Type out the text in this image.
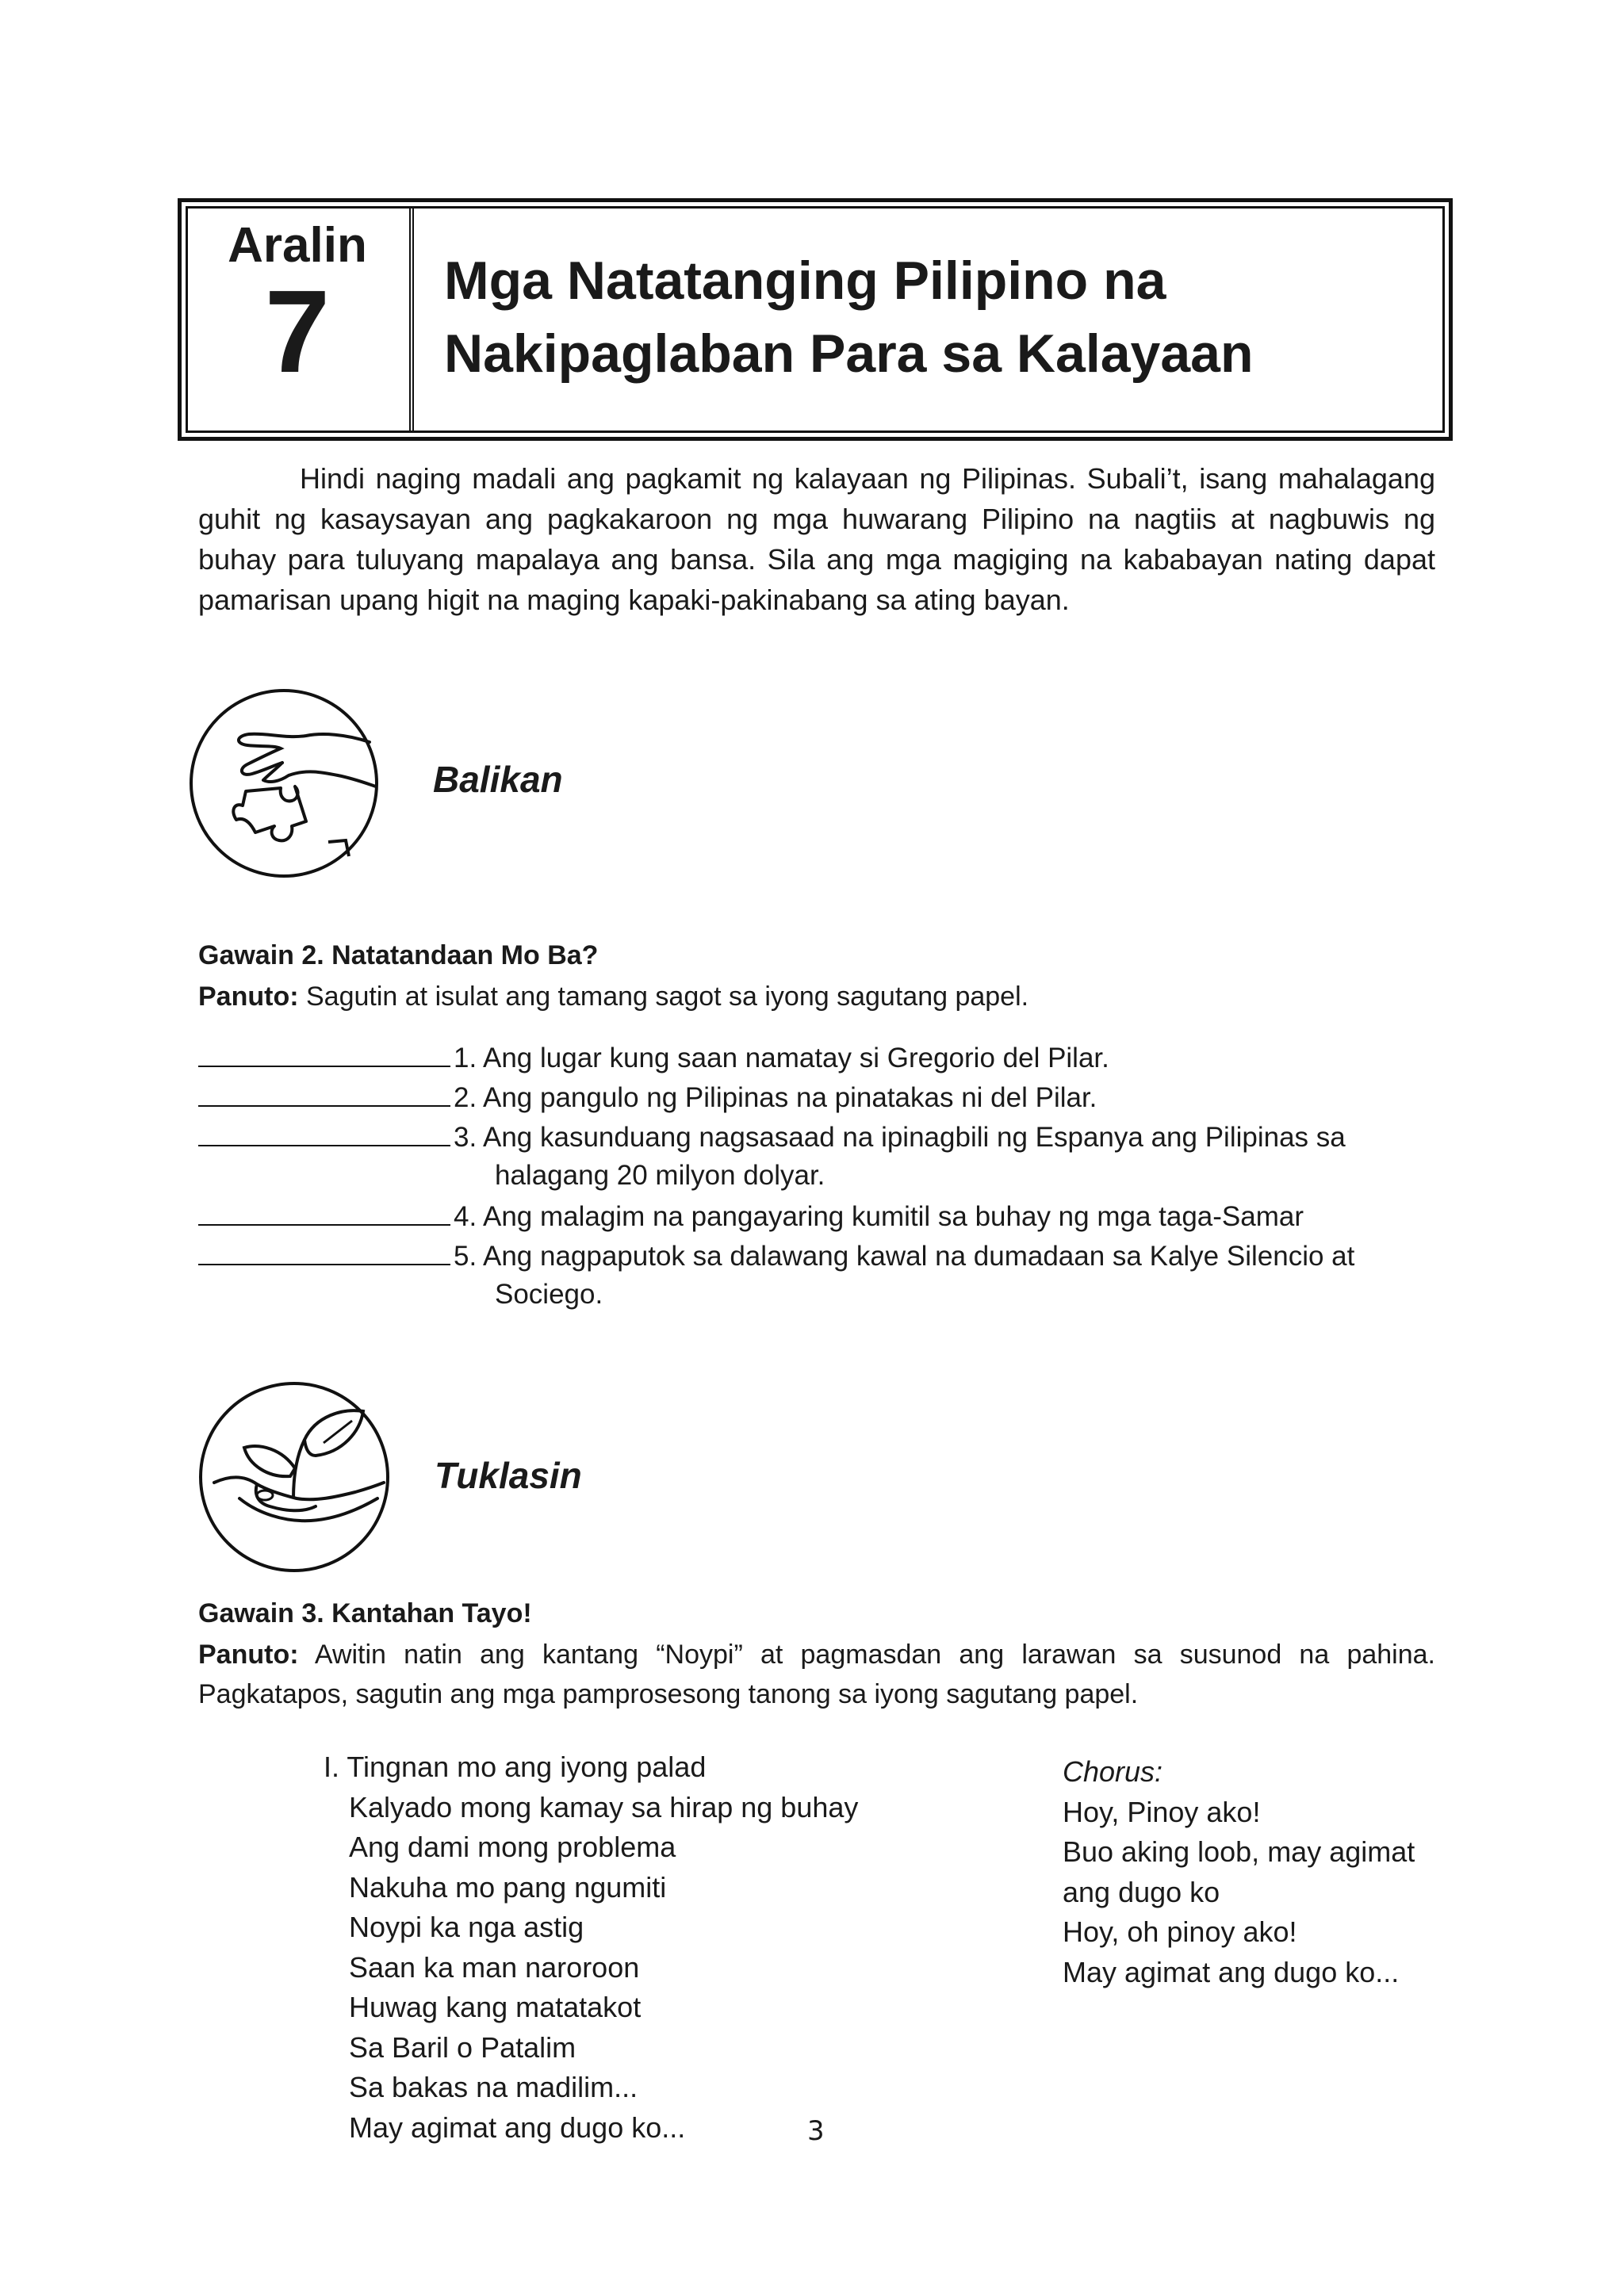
Aralin
7	Mga Natatanging Pilipino na
Nakipaglaban Para sa Kalayaan
Hindi naging madali ang pagkamit ng kalayaan ng Pilipinas. Subali’t, isang mahalagang guhit ng kasaysayan ang pagkakaroon ng mga huwarang Pilipino na nagtiis at nagbuwis ng buhay para tuluyang mapalaya ang bansa. Sila ang mga magiging na kababayan nating dapat pamarisan upang higit na maging kapaki-pakinabang sa ating bayan.
Balikan
Gawain 2. Natatandaan Mo Ba?
Panuto: Sagutin at isulat ang tamang sagot sa iyong sagutang papel.
1. Ang lugar kung saan namatay si Gregorio del Pilar.
2. Ang pangulo ng Pilipinas na pinatakas ni del Pilar.
3. Ang kasunduang nagsasaad na ipinagbili ng Espanya ang Pilipinas sa
halagang 20 milyon dolyar.
4. Ang malagim na pangayaring kumitil sa buhay ng mga taga-Samar
5. Ang nagpaputok sa dalawang kawal na dumadaan sa Kalye Silencio at
Sociego.
Tuklasin
Gawain 3. Kantahan Tayo!
Panuto: Awitin natin ang kantang “Noypi” at pagmasdan ang larawan sa susunod na pahina. Pagkatapos, sagutin ang mga pamprosesong tanong sa iyong sagutang papel.
I. Tingnan mo ang iyong palad
Kalyado mong kamay sa hirap ng buhay
Ang dami mong problema
Nakuha mo pang ngumiti
Noypi ka nga astig
Saan ka man naroroon
Huwag kang matatakot
Sa Baril o Patalim
Sa bakas na madilim...
May agimat ang dugo ko...
Chorus:
Hoy, Pinoy ako!
Buo aking loob, may agimat
ang dugo ko
Hoy, oh pinoy ako!
May agimat ang dugo ko...
3
